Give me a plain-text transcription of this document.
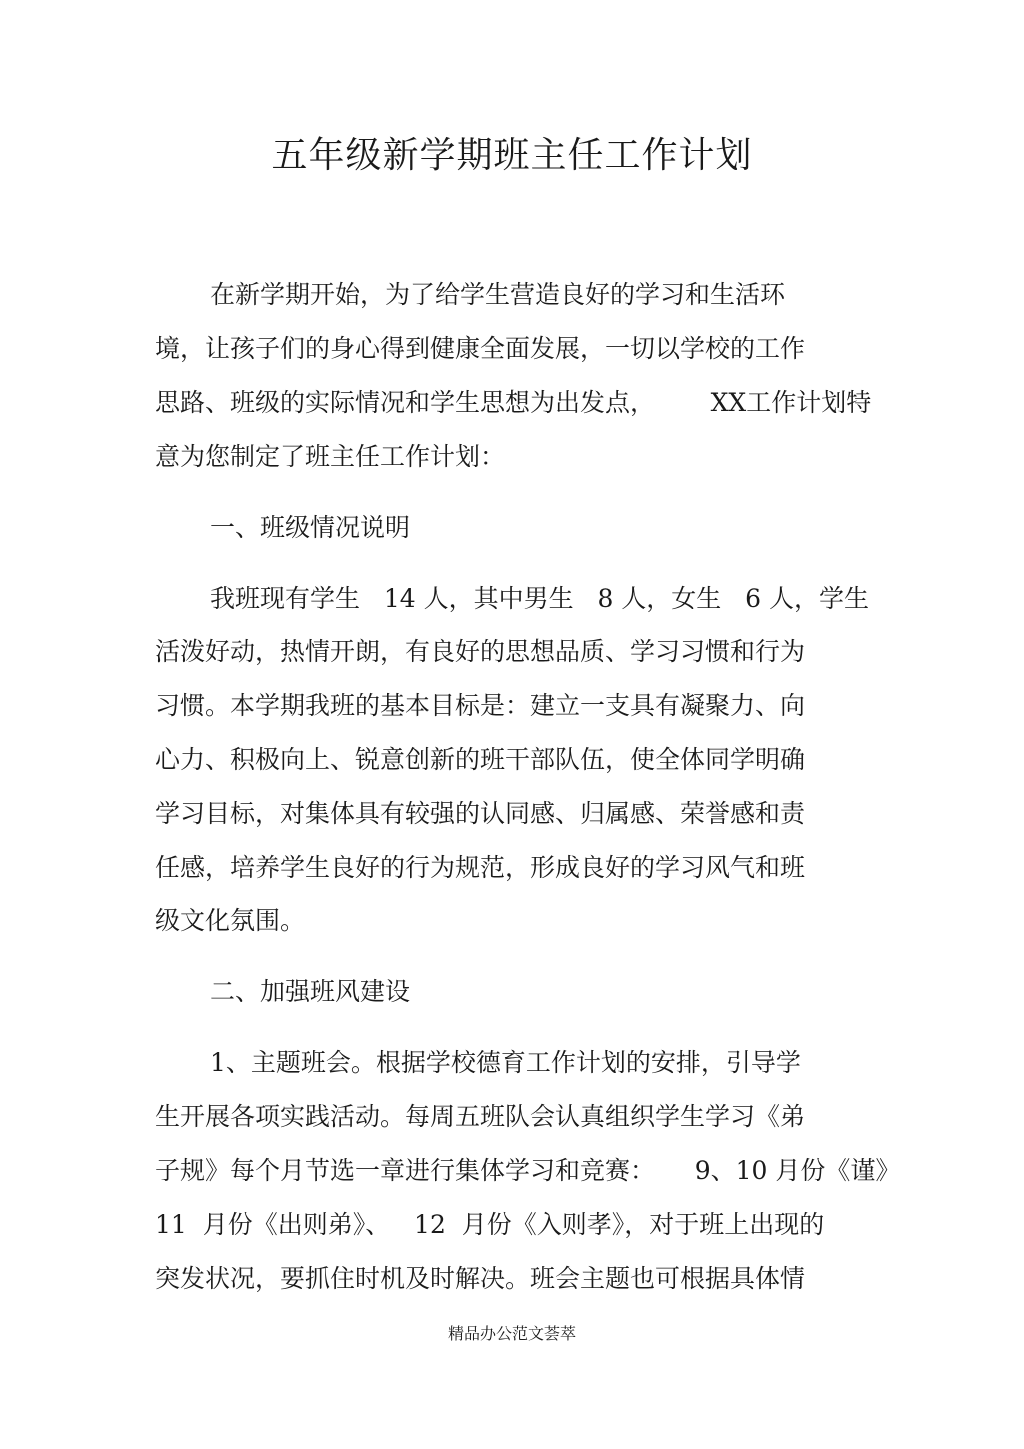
五年级新学期班主任工作计划
在新学期开始，为了给学生营造良好的学习和生活环
境，让孩子们的身心得到健康全面发展，一切以学校的工作
思路、班级的实际情况和学生思想为出发点，       XX工作计划特
意为您制定了班主任工作计划：
一、班级情况说明
我班现有学生   14 人，其中男生   8 人，女生   6 人，学生
活泼好动，热情开朗，有良好的思想品质、学习习惯和行为
习惯。本学期我班的基本目标是：建立一支具有凝聚力、向
心力、积极向上、锐意创新的班干部队伍，使全体同学明确
学习目标，对集体具有较强的认同感、归属感、荣誉感和责
任感，培养学生良好的行为规范，形成良好的学习风气和班
级文化氛围。
二、加强班风建设
1、主题班会。根据学校德育工作计划的安排，引导学
生开展各项实践活动。每周五班队会认真组织学生学习《弟
子规》每个月节选一章进行集体学习和竞赛：     9、10 月份《谨》
11  月份《出则弟》、   12  月份《入则孝》，对于班上出现的
突发状况，要抓住时机及时解决。班会主题也可根据具体情
精品办公范文荟萃
